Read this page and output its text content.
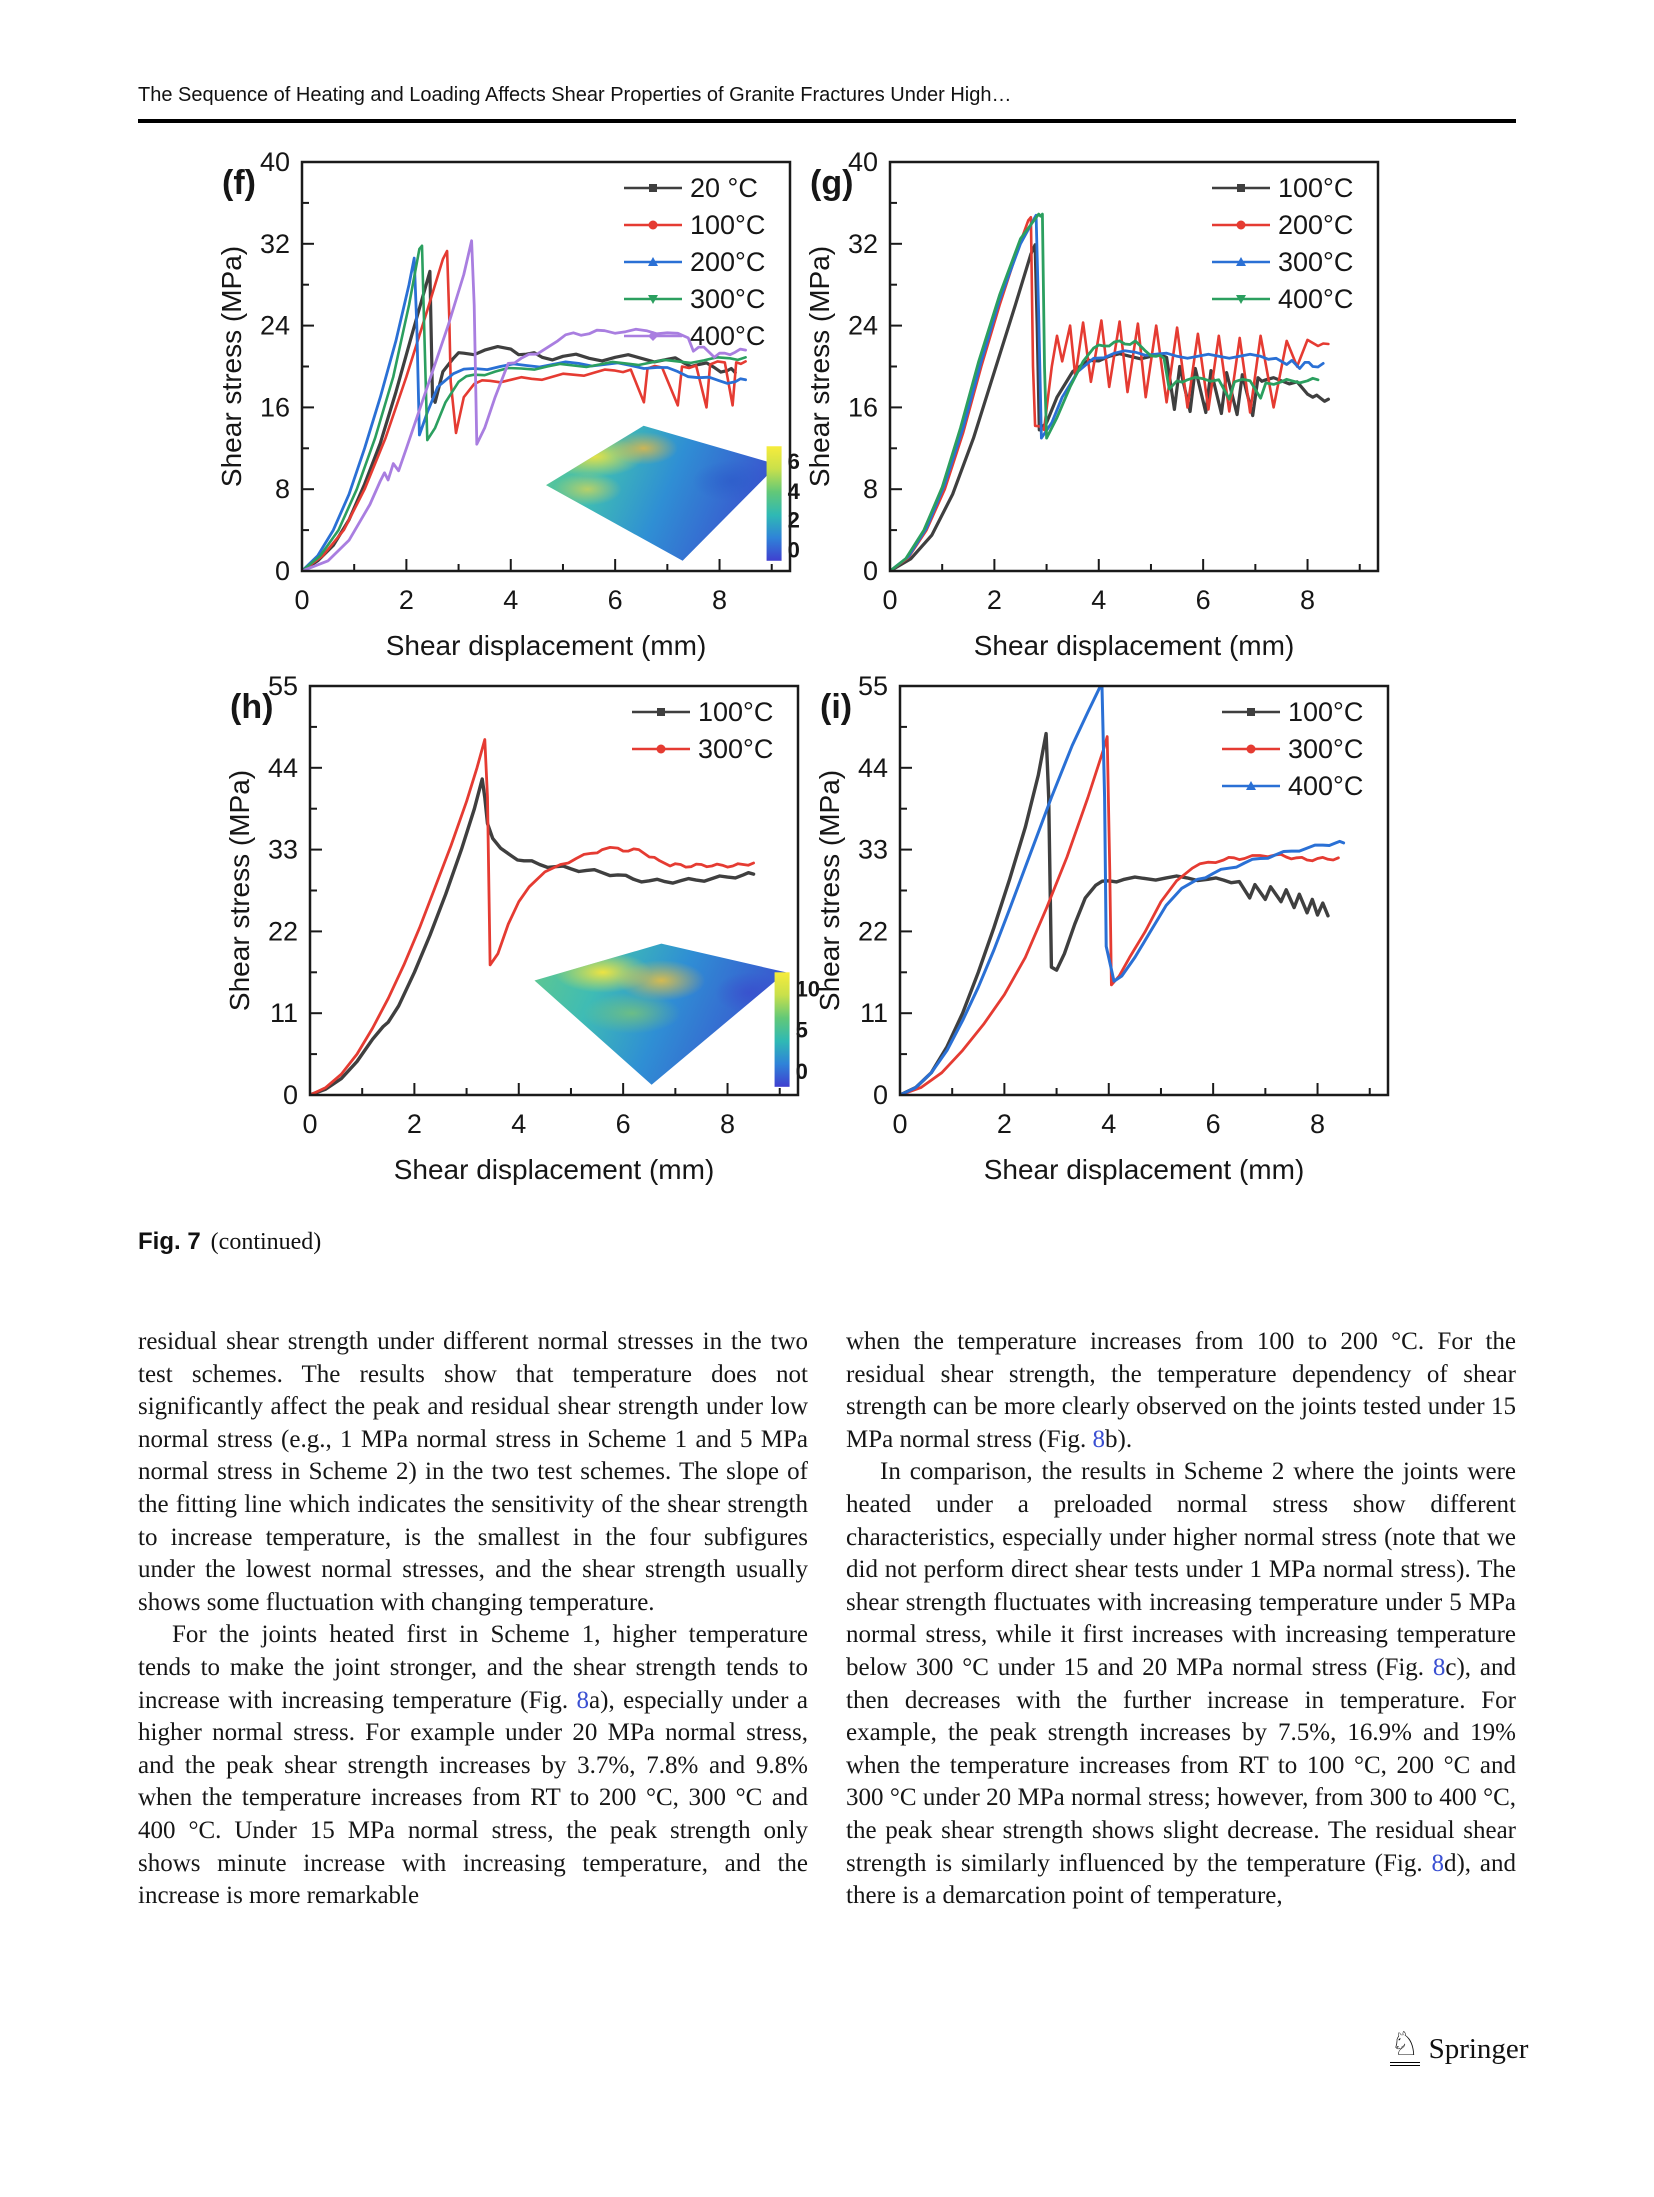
The Sequence of Heating and Loading Affects Shear Properties of Granite Fractures Under High…
6
4
2
0
0	2	4	6	8
0
8
16
24
32
40
Shear displacement (mm)
Shear stress (MPa)
(f)	20 °C
100°C
200°C
300°C
400°C
0	2	4	6	8
0
8
16
24
32
40
Shear displacement (mm)
Shear stress (MPa)
(g)	100°C
200°C
300°C
400°C
10
5
0
0	2	4	6	8
0
11
22
33
44
55
Shear displacement (mm)
Shear stress (MPa)
(h)	100°C
300°C
0	2	4	6	8
0
11
22
33
44
55
Shear displacement (mm)
Shear stress (MPa)
(i)	100°C
300°C
400°C
Fig. 7 (continued)

residual shear strength under different normal stresses in the two test schemes. The results show that temperature does not significantly affect the peak and residual shear strength under low normal stress (e.g., 1 MPa normal stress in Scheme 1 and 5 MPa normal stress in Scheme 2) in the two test schemes. The slope of the fitting line which indicates the sensitivity of the shear strength to increase temperature, is the smallest in the four subfigures under the lowest normal stresses, and the shear strength usually shows some fluctuation with changing temperature.

For the joints heated first in Scheme 1, higher temperature tends to make the joint stronger, and the shear strength tends to increase with increasing temperature (Fig. 8a), especially under a higher normal stress. For example under 20 MPa normal stress, and the peak shear strength increases by 3.7%, 7.8% and 9.8% when the temperature increases from RT to 200 °C, 300 °C and 400 °C. Under 15 MPa normal stress, the peak strength only shows minute increase with increasing temperature, and the increase is more remarkable

when the temperature increases from 100 to 200 °C. For the residual shear strength, the temperature dependency of shear strength can be more clearly observed on the joints tested under 15 MPa normal stress (Fig. 8b).

In comparison, the results in Scheme 2 where the joints were heated under a preloaded normal stress show different characteristics, especially under higher normal stress (note that we did not perform direct shear tests under 1 MPa normal stress). The shear strength fluctuates with increasing temperature under 5 MPa normal stress, while it first increases with increasing temperature below 300 °C under 15 and 20 MPa normal stress (Fig. 8c), and then decreases with the further increase in temperature. For example, the peak strength increases by 7.5%, 16.9% and 19% when the temperature increases from RT to 100 °C, 200 °C and 300 °C under 20 MPa normal stress; however, from 300 to 400 °C, the peak shear strength shows slight decrease. The residual shear strength is similarly influenced by the temperature (Fig. 8d), and there is a demarcation point of temperature,

♘ Springer
